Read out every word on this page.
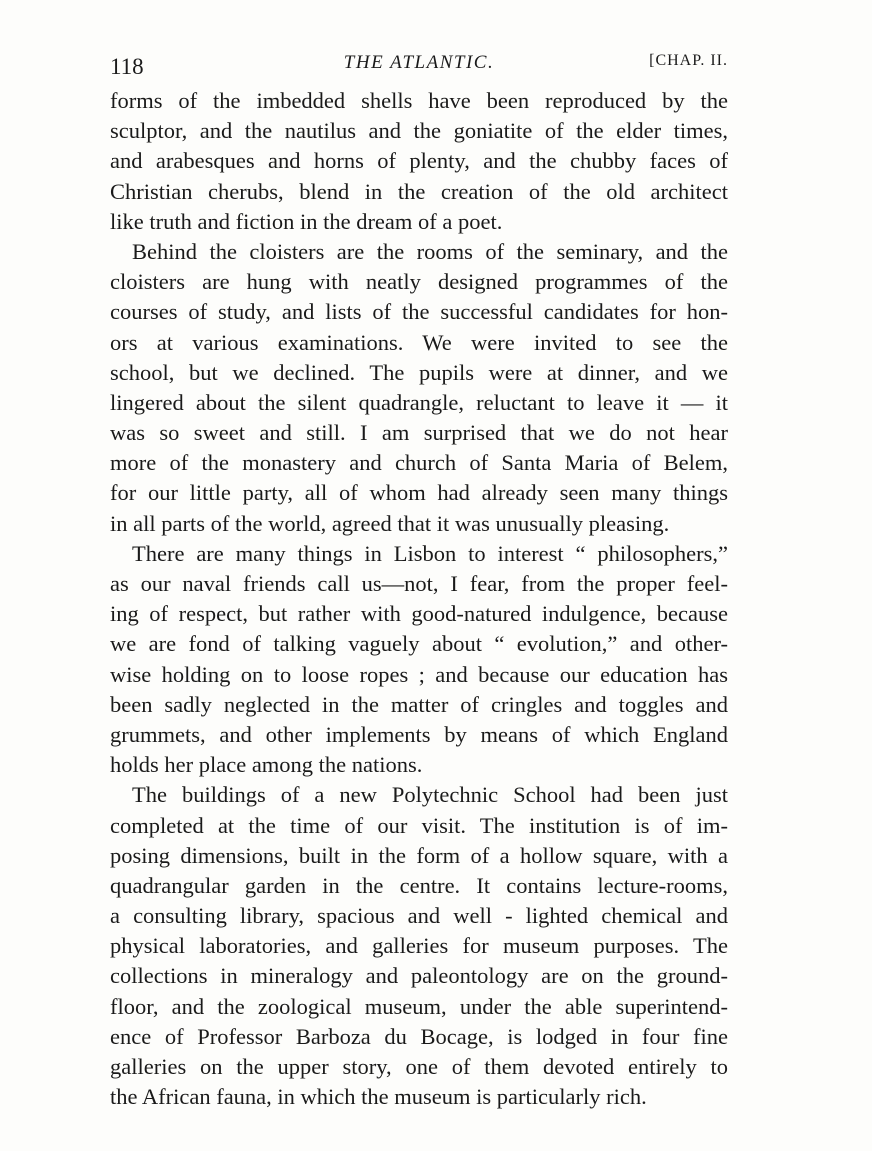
118	THE ATLANTIC.	[CHAP. II.
forms of the imbedded shells have been reproduced by the
sculptor, and the nautilus and the goniatite of the elder times,
and arabesques and horns of plenty, and the chubby faces of
Christian cherubs, blend in the creation of the old architect
like truth and fiction in the dream of a poet.
Behind the cloisters are the rooms of the seminary, and the
cloisters are hung with neatly designed programmes of the
courses of study, and lists of the successful candidates for hon-
ors at various examinations. We were invited to see the
school, but we declined. The pupils were at dinner, and we
lingered about the silent quadrangle, reluctant to leave it — it
was so sweet and still. I am surprised that we do not hear
more of the monastery and church of Santa Maria of Belem,
for our little party, all of whom had already seen many things
in all parts of the world, agreed that it was unusually pleasing.
There are many things in Lisbon to interest “ philosophers,”
as our naval friends call us—not, I fear, from the proper feel-
ing of respect, but rather with good-natured indulgence, because
we are fond of talking vaguely about “ evolution,” and other-
wise holding on to loose ropes ; and because our education has
been sadly neglected in the matter of cringles and toggles and
grummets, and other implements by means of which England
holds her place among the nations.
The buildings of a new Polytechnic School had been just
completed at the time of our visit. The institution is of im-
posing dimensions, built in the form of a hollow square, with a
quadrangular garden in the centre. It contains lecture-rooms,
a consulting library, spacious and well - lighted chemical and
physical laboratories, and galleries for museum purposes. The
collections in mineralogy and paleontology are on the ground-
floor, and the zoological museum, under the able superintend-
ence of Professor Barboza du Bocage, is lodged in four fine
galleries on the upper story, one of them devoted entirely to
the African fauna, in which the museum is particularly rich.
